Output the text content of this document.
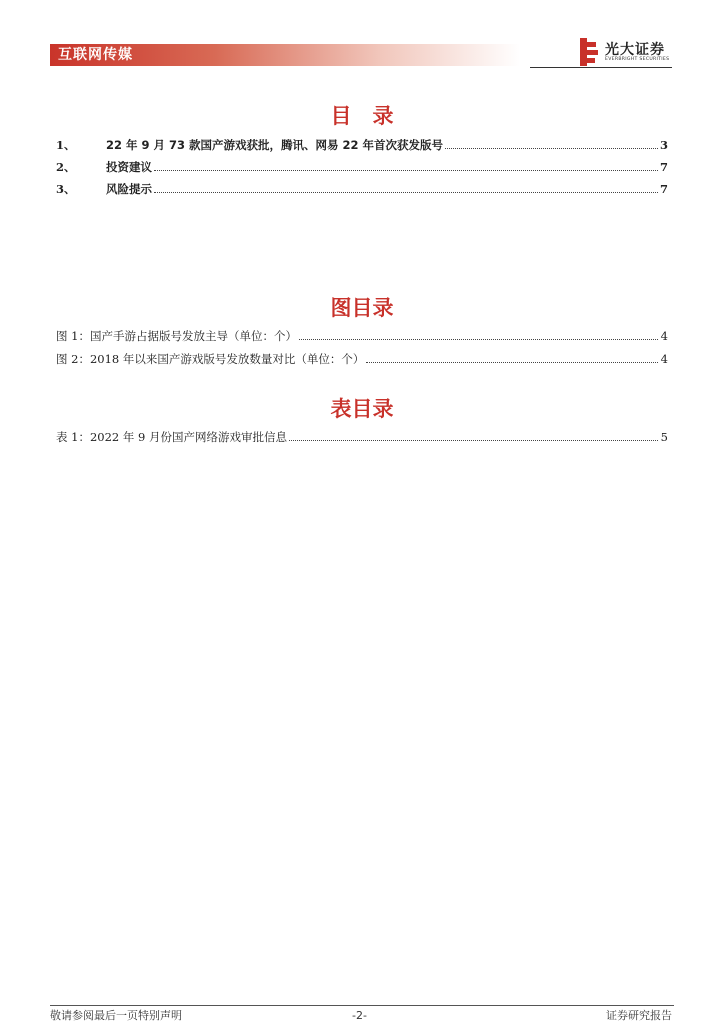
互联网传媒	光大证券
EVERBRIGHT SECURITIES
目　录
1、	22 年 9 月 73 款国产游戏获批，腾讯、网易 22 年首次获发版号	3
2、	投资建议	7
3、	风险提示	7
图目录
图 1：国产手游占据版号发放主导（单位：个）	4
图 2：2018 年以来国产游戏版号发放数量对比（单位：个）	4
表目录
表 1：2022 年 9 月份国产网络游戏审批信息	5
敬请参阅最后一页特别声明	-2-	证券研究报告
